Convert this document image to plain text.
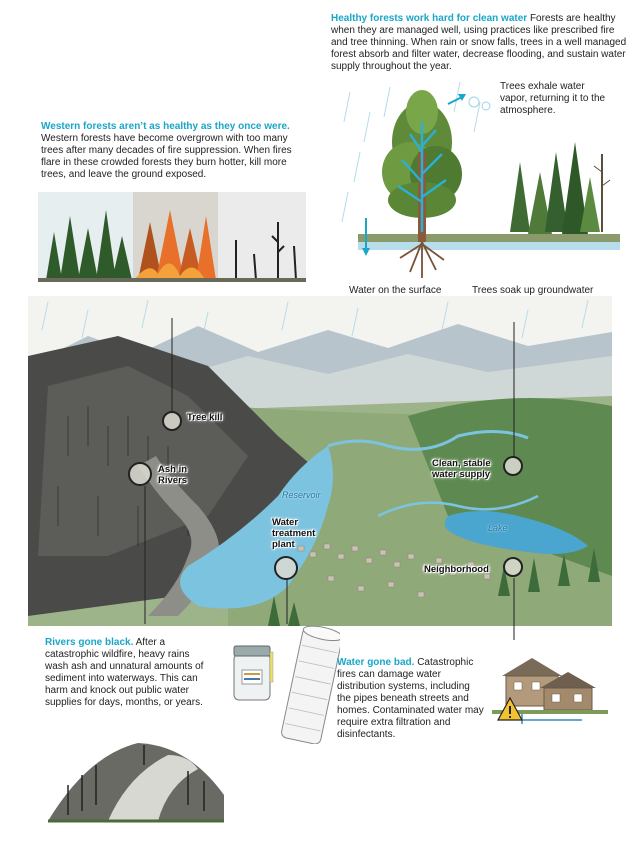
Healthy forests work hard for clean water Forests are healthy when they are managed well, using practices like prescribed fire and tree thinning. When rain or snow falls, trees in a well managed forest absorb and filter water, decrease flooding, and sustain water supply throughout the year.
Western forests aren’t as healthy as they once were.
Western forests have become overgrown with too many trees after many decades of fire suppression. When fires flare in these crowded forests they burn hotter, kill more trees, and leave the ground exposed.
Trees exhale water vapor, returning it to the atmosphere.
Water on the surface	Trees soak up groundwater
Tree kill
Ash in Rivers
Clean, stable water supply
Reservoir
Lake
Water treatment plant
Neighborhood
Rivers gone black. After a catastrophic wildfire, heavy rains wash ash and unnatural amounts of sediment into waterways. This can harm and knock out public water supplies for days, months, or years.
Water gone bad. Catastrophic fires can damage water distribution systems, including the pipes beneath streets and homes. Contaminated water may require extra filtration and disinfectants.
